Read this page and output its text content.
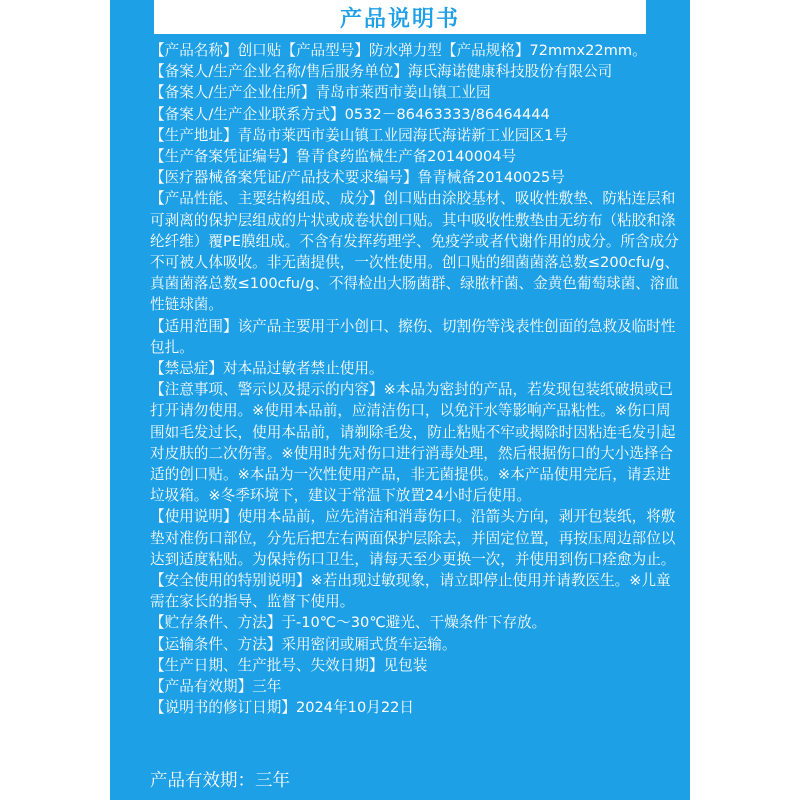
产品说明书

【产品名称】创口贴【产品型号】防水弹力型【产品规格】72mmx22mm。

【备案人/生产企业名称/售后服务单位】海氏海诺健康科技股份有限公司

【备案人/生产企业住所】青岛市莱西市姜山镇工业园

【备案人/生产企业联系方式】0532－86463333/86464444

【生产地址】青岛市莱西市姜山镇工业园海氏海诺新工业园区1号

【生产备案凭证编号】鲁青食药监械生产备20140004号

【医疗器械备案凭证/产品技术要求编号】鲁青械备20140025号

【产品性能、主要结构组成、成分】创口贴由涂胶基材、吸收性敷垫、防粘连层和可剥离的保护层组成的片状或成卷状创口贴。其中吸收性敷垫由无纺布（粘胶和涤纶纤维）覆PE膜组成。不含有发挥药理学、免疫学或者代谢作用的成分。所含成分不可被人体吸收。非无菌提供，一次性使用。创口贴的细菌菌落总数≤200cfu/g、真菌菌落总数≤100cfu/g、不得检出大肠菌群、绿脓杆菌、金黄色葡萄球菌、溶血性链球菌。

【适用范围】该产品主要用于小创口、擦伤、切割伤等浅表性创面的急救及临时性包扎。

【禁忌症】对本品过敏者禁止使用。

【注意事项、警示以及提示的内容】※本品为密封的产品，若发现包装纸破损或已打开请勿使用。※使用本品前，应清洁伤口，以免汗水等影响产品粘性。※伤口周围如毛发过长，使用本品前，请剃除毛发，防止粘贴不牢或揭除时因粘连毛发引起对皮肤的二次伤害。※使用时先对伤口进行消毒处理，然后根据伤口的大小选择合适的创口贴。※本品为一次性使用产品，非无菌提供。※本产品使用完后，请丢进垃圾箱。※冬季环境下，建议于常温下放置24小时后使用。

【使用说明】使用本品前，应先清洁和消毒伤口。沿箭头方向，剥开包装纸，将敷垫对准伤口部位，分先后把左右两面保护层除去，并固定位置，再按压周边部位以达到适度粘贴。为保持伤口卫生，请每天至少更换一次，并使用到伤口痊愈为止。

【安全使用的特别说明】※若出现过敏现象，请立即停止使用并请教医生。※儿童需在家长的指导、监督下使用。

【贮存条件、方法】于-10℃～30℃避光、干燥条件下存放。

【运输条件、方法】采用密闭或厢式货车运输。

【生产日期、生产批号、失效日期】见包装

【产品有效期】三年

【说明书的修订日期】2024年10月22日

产品有效期：三年
